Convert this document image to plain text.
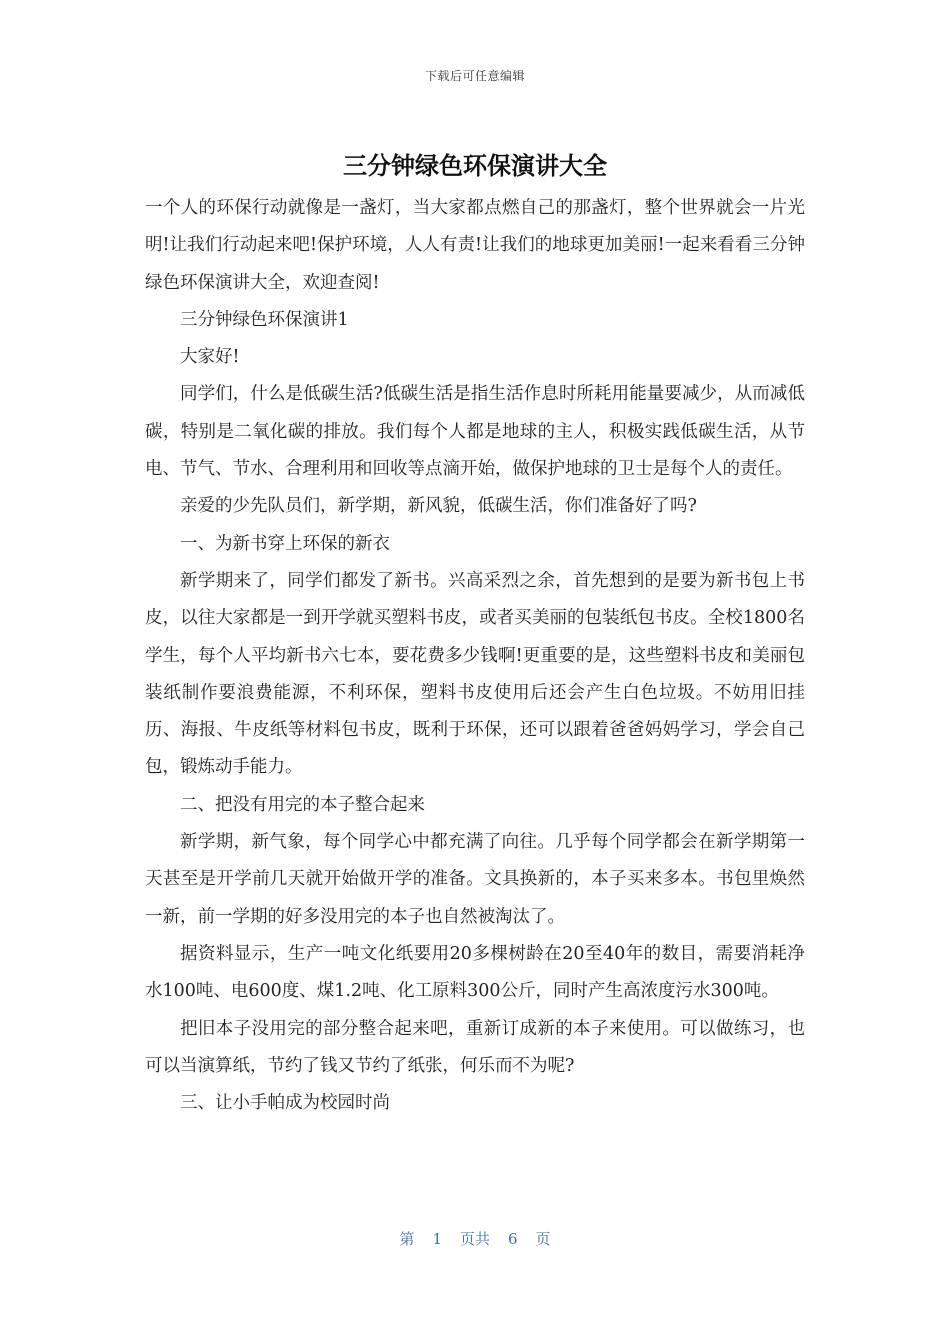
下载后可任意编辑
三分钟绿色环保演讲大全

一个人的环保行动就像是一盏灯，当大家都点燃自己的那盏灯，整个世界就会一片光明!让我们行动起来吧!保护环境，人人有责!让我们的地球更加美丽!一起来看看三分钟绿色环保演讲大全，欢迎查阅!

三分钟绿色环保演讲1

大家好!

同学们，什么是低碳生活?低碳生活是指生活作息时所耗用能量要减少，从而减低碳，特别是二氧化碳的排放。我们每个人都是地球的主人，积极实践低碳生活，从节电、节气、节水、合理利用和回收等点滴开始，做保护地球的卫士是每个人的责任。

亲爱的少先队员们，新学期，新风貌，低碳生活，你们准备好了吗?

一、为新书穿上环保的新衣

新学期来了，同学们都发了新书。兴高采烈之余，首先想到的是要为新书包上书皮，以往大家都是一到开学就买塑料书皮，或者买美丽的包装纸包书皮。全校1800名学生，每个人平均新书六七本，要花费多少钱啊!更重要的是，这些塑料书皮和美丽包装纸制作要浪费能源，不利环保，塑料书皮使用后还会产生白色垃圾。不妨用旧挂历、海报、牛皮纸等材料包书皮，既利于环保，还可以跟着爸爸妈妈学习，学会自己包，锻炼动手能力。

二、把没有用完的本子整合起来

新学期，新气象，每个同学心中都充满了向往。几乎每个同学都会在新学期第一天甚至是开学前几天就开始做开学的准备。文具换新的，本子买来多本。书包里焕然一新，前一学期的好多没用完的本子也自然被淘汰了。

据资料显示，生产一吨文化纸要用20多棵树龄在20至40年的数目，需要消耗净水100吨、电600度、煤1.2吨、化工原料300公斤，同时产生高浓度污水300吨。

把旧本子没用完的部分整合起来吧，重新订成新的本子来使用。可以做练习，也可以当演算纸，节约了钱又节约了纸张，何乐而不为呢?

三、让小手帕成为校园时尚

第 1 页共 6 页
